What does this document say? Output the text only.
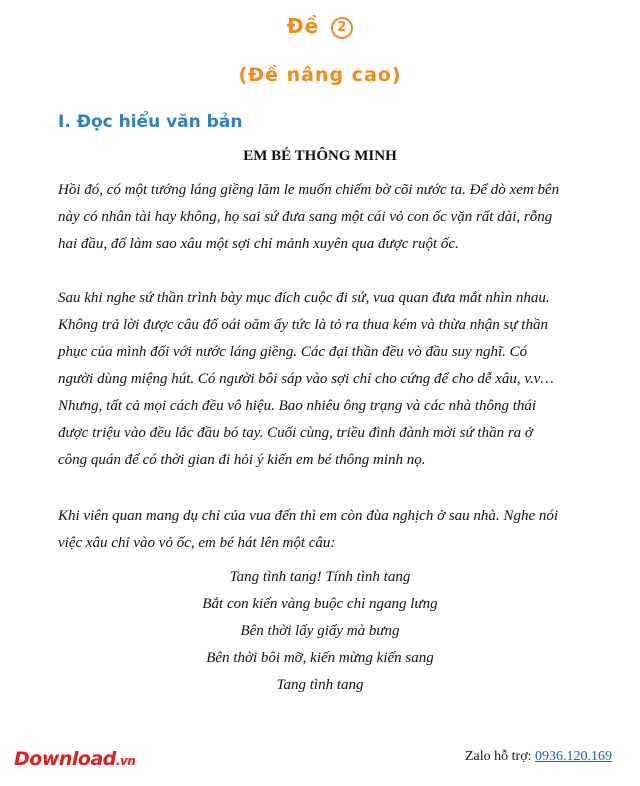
Đề 2
(Đề nâng cao)
I. Đọc hiểu văn bản
EM BÉ THÔNG MINH

Hồi đó, có một tướng láng giềng lăm le muốn chiếm bờ cõi nước ta. Để dò xem bên
này có nhân tài hay không, họ sai sứ đưa sang một cái vỏ con ốc vặn rất dài, rỗng
hai đầu, đố làm sao xâu một sợi chỉ mảnh xuyên qua được ruột ốc.

Sau khi nghe sứ thần trình bày mục đích cuộc đi sứ, vua quan đưa mắt nhìn nhau.
Không trả lời được câu đố oái oăm ấy tức là tỏ ra thua kém và thừa nhận sự thần
phục của mình đối với nước láng giềng. Các đại thần đều vò đầu suy nghĩ. Có
người dùng miệng hút. Có người bôi sáp vào sợi chỉ cho cứng để cho dễ xâu, v.v…
Nhưng, tất cả mọi cách đều vô hiệu. Bao nhiêu ông trạng và các nhà thông thái
được triệu vào đều lắc đầu bó tay. Cuối cùng, triều đình đành mời sứ thần ra ở
công quán để có thời gian đi hỏi ý kiến em bé thông minh nọ.

Khi viên quan mang dụ chỉ của vua đến thì em còn đùa nghịch ở sau nhà. Nghe nói
việc xâu chỉ vào vỏ ốc, em bé hát lên một câu:

Tang tình tang! Tính tình tang
Bắt con kiến vàng buộc chỉ ngang lưng
Bên thời lấy giấy mà bưng
Bên thời bôi mỡ, kiến mừng kiến sang
Tang tình tang
Download.vn	Zalo hỗ trợ: 0936.120.169
